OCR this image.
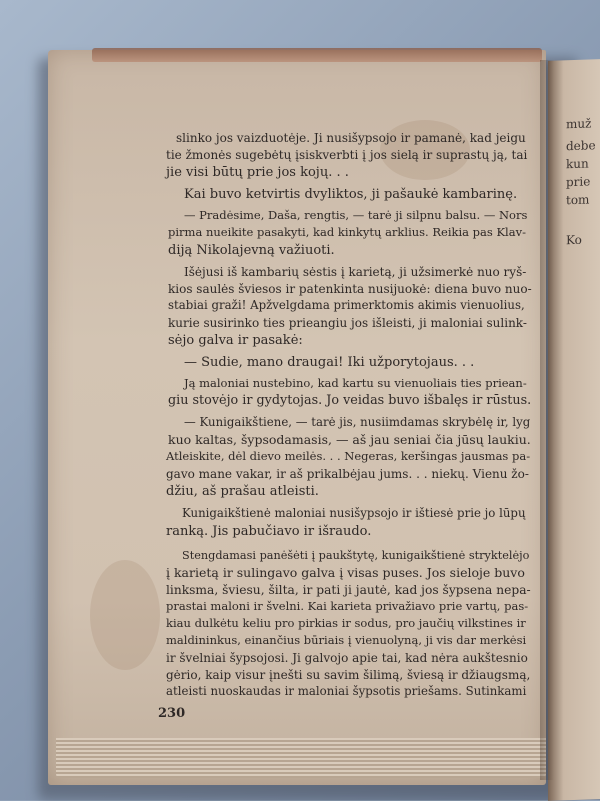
muž
debe
kun
prie
tom
Ko
slinko jos vaizduotėje. Ji nusišypsojo ir pamanė, kad jeigu
tie žmonės sugebėtų įsiskverbti į jos sielą ir suprastų ją, tai
jie visi būtų prie jos kojų. . .
Kai buvo ketvirtis dvyliktos, ji pašaukė kambarinę.
— Pradėsime, Daša, rengtis, — tarė ji silpnu balsu. — Nors
pirma nueikite pasakyti, kad kinkytų arklius. Reikia pas Klav-
diją Nikolajevną važiuoti.
Išėjusi iš kambarių sėstis į karietą, ji užsimerkė nuo ryš-
kios saulės šviesos ir patenkinta nusijuokė: diena buvo nuo-
stabiai graži! Apžvelgdama primerktomis akimis vienuolius,
kurie susirinko ties prieangiu jos išleisti, ji maloniai sulink-
sėjo galva ir pasakė:
— Sudie, mano draugai! Iki užporytojaus. . .
Ją maloniai nustebino, kad kartu su vienuoliais ties priean-
giu stovėjo ir gydytojas. Jo veidas buvo išbalęs ir rūstus.
— Kunigaikštiene, — tarė jis, nusiimdamas skrybėlę ir, lyg
kuo kaltas, šypsodamasis, — aš jau seniai čia jūsų laukiu.
Atleiskite, dėl dievo meilės. . . Negeras, keršingas jausmas pa-
gavo mane vakar, ir aš prikalbėjau jums. . . niekų. Vienu žo-
džiu, aš prašau atleisti.
Kunigaikštienė maloniai nusišypsojo ir ištiesė prie jo lūpų
ranką. Jis pabučiavo ir išraudo.
Stengdamasi panėšėti į paukštytę, kunigaikštienė stryktelėjo
į karietą ir sulingavo galva į visas puses. Jos sieloje buvo
linksma, šviesu, šilta, ir pati ji jautė, kad jos šypsena nepa-
prastai maloni ir švelni. Kai karieta privažiavo prie vartų, pas-
kiau dulkėtu keliu pro pirkias ir sodus, pro jaučių vilkstines ir
maldininkus, einančius būriais į vienuolyną, ji vis dar merkėsi
ir švelniai šypsojosi. Ji galvojo apie tai, kad nėra aukštesnio
gėrio, kaip visur įnešti su savim šilimą, šviesą ir džiaugsmą,
atleisti nuoskaudas ir maloniai šypsotis priešams. Sutinkami
230
